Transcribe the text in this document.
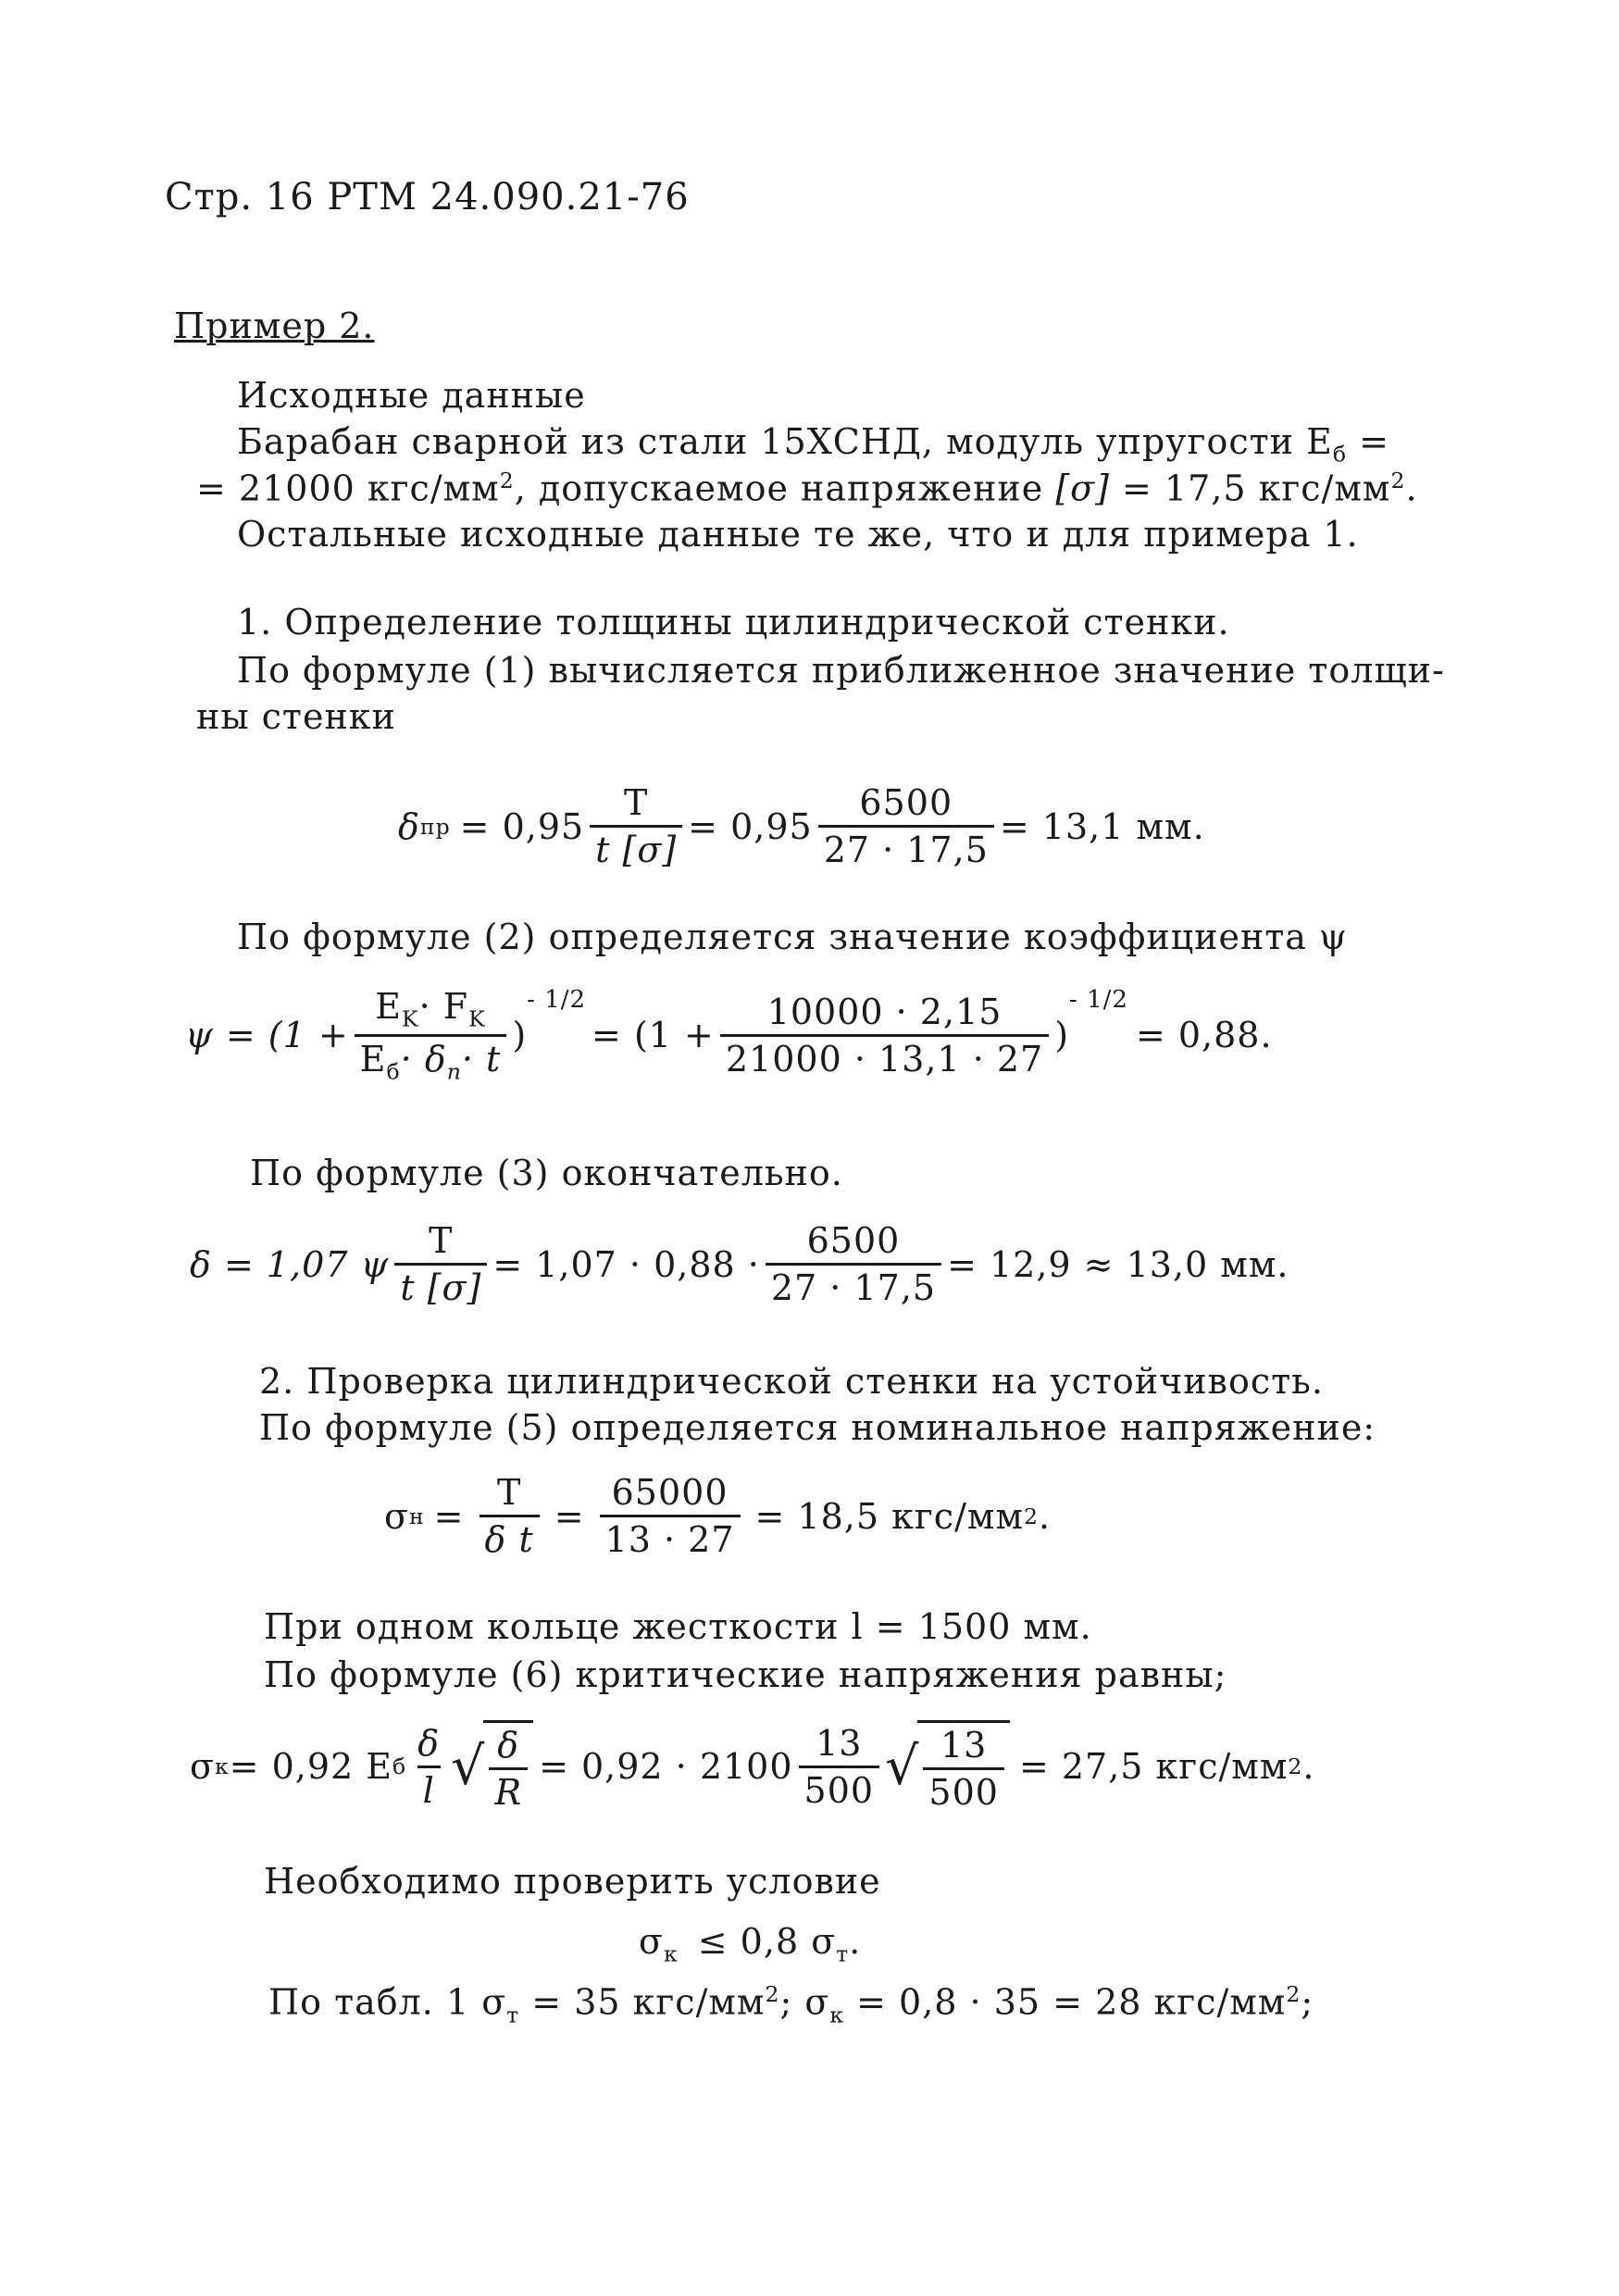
Стр. 16 РТМ 24.090.21-76
Пример 2.
Исходные данные
Барабан сварной из стали 15ХСНД, модуль упругости $E_б$ =
= 21000 кгс/$мм^2$, допускаемое напряжение [σ] = 17,5 кгс/$мм^2$.
Остальные исходные данные те же, что и для примера 1.
1. Определение толщины цилиндрической стенки.
По формуле (1) вычисляется приближенное значение толщи-
ны стенки
δ пр = $0,95 \frac{T}{t [\sigma]} = 0,95 \frac{6500}{27 \cdot 17,5} = 13,1$ мм.
По формуле (2) определяется значение коэффициента ψ
$\psi = (1 + \frac{E_K\cdot F_K}{E_б\cdot \delta_n\cdot t}$ )
- 1/2
= ($1 + \frac{10000 \cdot 2,15}{21000 \cdot 13,1 \cdot 27}$ )
- 1/2
= 0,88.
По формуле (3) окончательно.
δ = 1,07 ψ $\frac{T}{t [\sigma]} = 1,07 \cdot 0,88 \cdot \frac{6500}{27 \cdot 17,5} = 12,9 \approx 13,0$ мм.
2. Проверка цилиндрической стенки на устойчивость.
По формуле (5) определяется номинальное напряжение:
σ $н = \frac{T}{\text{δ t}} = \frac{65000}{13 \cdot 27} = 18,5$ кгс/мм 2 .
При одном кольце жесткости l = 1500 мм.
По формуле (6) критические напряжения равны;
σ к = 0,92 E б $\frac{\delta}{l}$ √ $\frac{\delta}{R} = 0,92 \cdot 2100 \frac{13}{500}$ √ $\frac{13}{500} = 27,5$ кгс/мм 2 .
Необходимо проверить условие
$\sigma_к \le 0,8$ $\sigma_т$.
По табл. 1 $\sigma_т = 35$ кгс/$мм^2$; $\sigma_к = 0,8 \cdot 35 = 28$ кгс/$мм^2$;
